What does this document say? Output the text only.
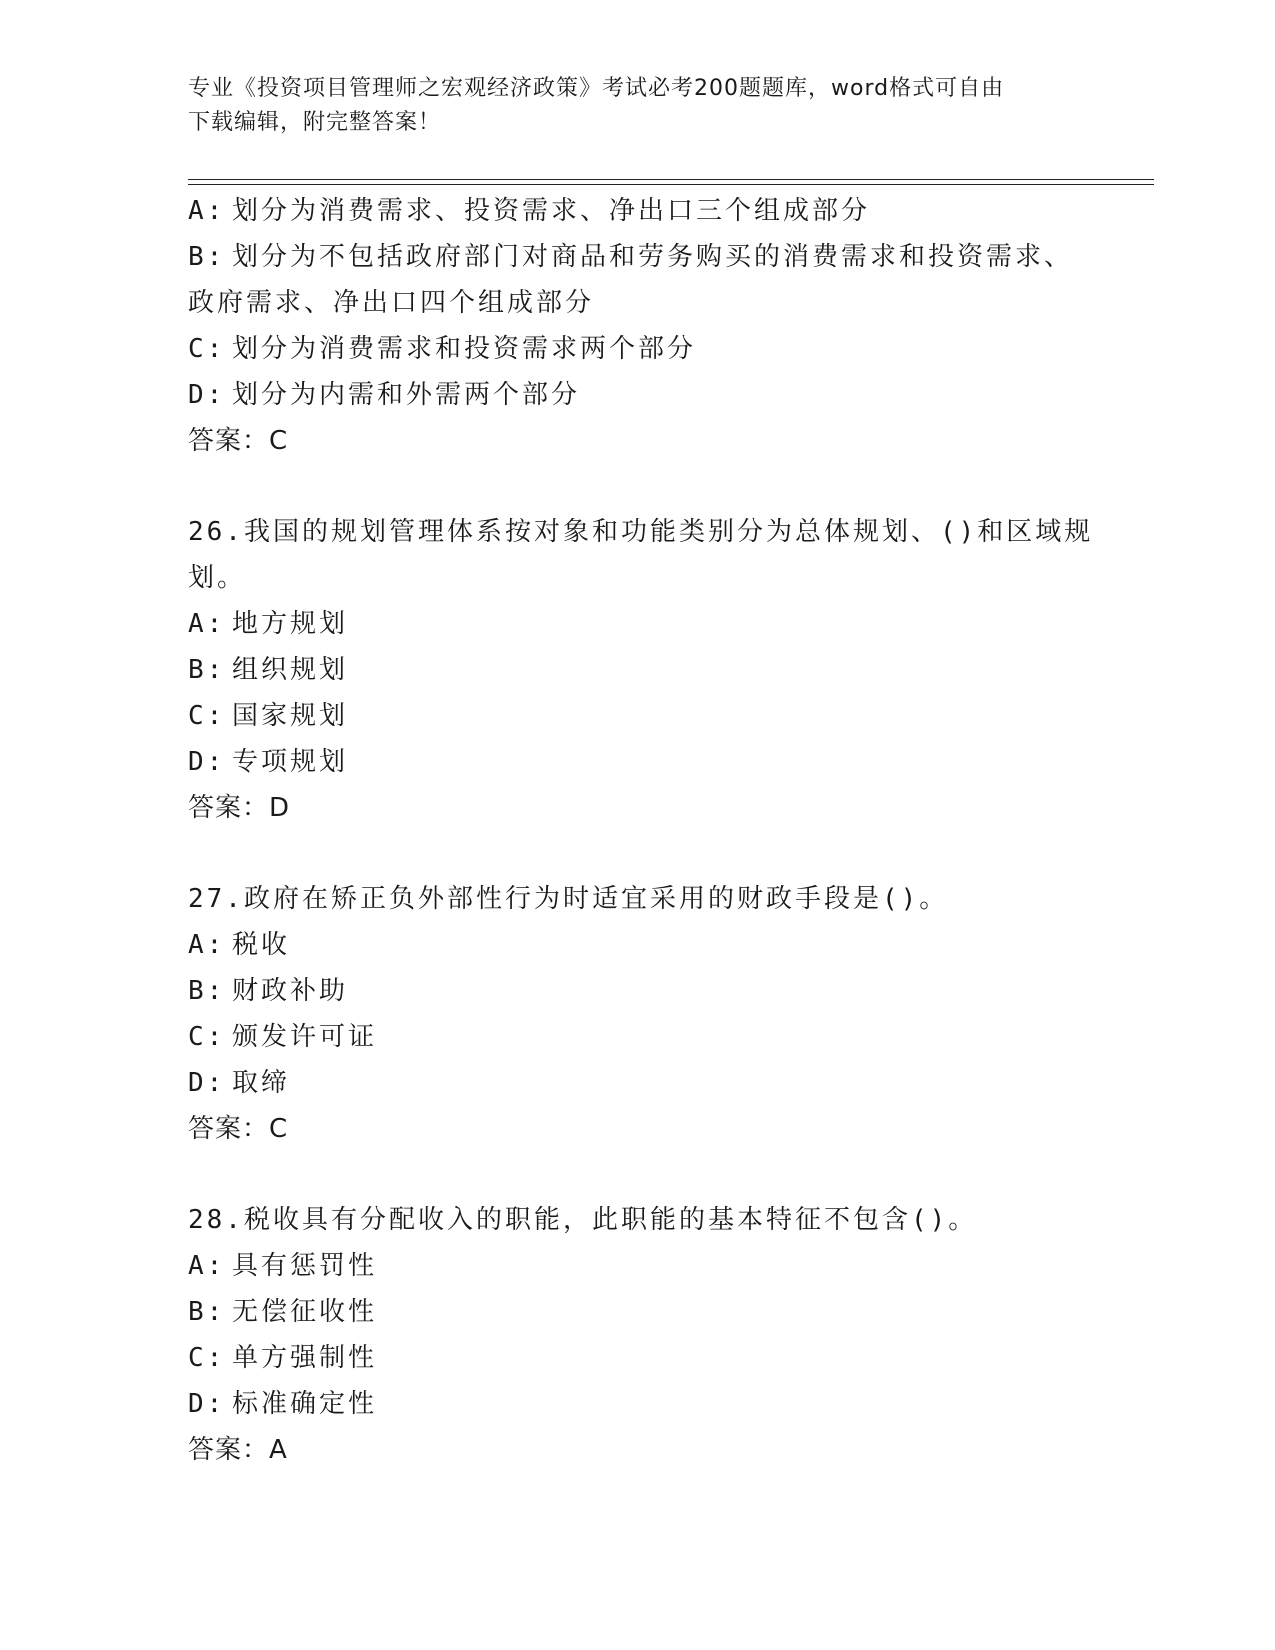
专业《投资项目管理师之宏观经济政策》考试必考200题题库，word格式可自由
下载编辑，附完整答案！
A: 划分为消费需求、投资需求、净出口三个组成部分
B: 划分为不包括政府部门对商品和劳务购买的消费需求和投资需求、
政府需求、净出口四个组成部分
C: 划分为消费需求和投资需求两个部分
D: 划分为内需和外需两个部分
答案：C
26.我国的规划管理体系按对象和功能类别分为总体规划、()和区域规
划。
A: 地方规划
B: 组织规划
C: 国家规划
D: 专项规划
答案：D
27.政府在矫正负外部性行为时适宜采用的财政手段是()。
A: 税收
B: 财政补助
C: 颁发许可证
D: 取缔
答案：C
28.税收具有分配收入的职能，此职能的基本特征不包含()。
A: 具有惩罚性
B: 无偿征收性
C: 单方强制性
D: 标准确定性
答案：A
